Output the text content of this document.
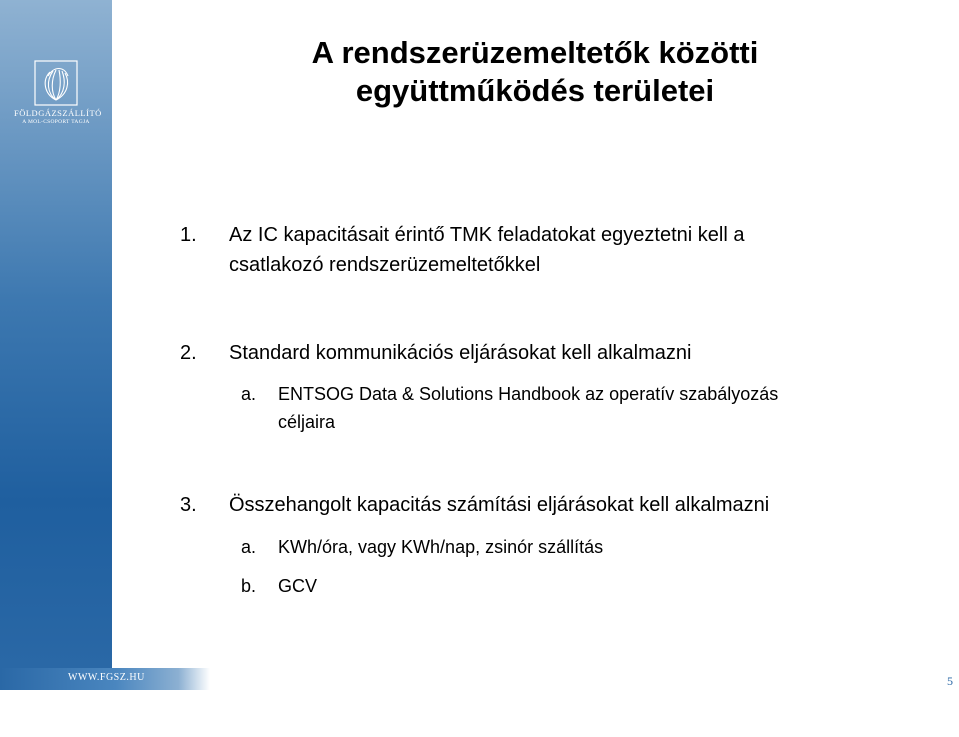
FÖLDGÁZSZÁLLÍTÓ
A MOL-CSOPORT TAGJA
A rendszerüzemeltetők közötti
együttműködés területei
1. Az IC kapacitásait érintő TMK feladatokat egyeztetni kell a
csatlakozó rendszerüzemeltetőkkel
2. Standard kommunikációs eljárásokat kell alkalmazni
a. ENTSOG Data & Solutions Handbook az operatív szabályozás
céljaira
3. Összehangolt kapacitás számítási eljárásokat kell alkalmazni
a. KWh/óra, vagy KWh/nap, zsinór szállítás
b. GCV
WWW.FGSZ.HU	5
